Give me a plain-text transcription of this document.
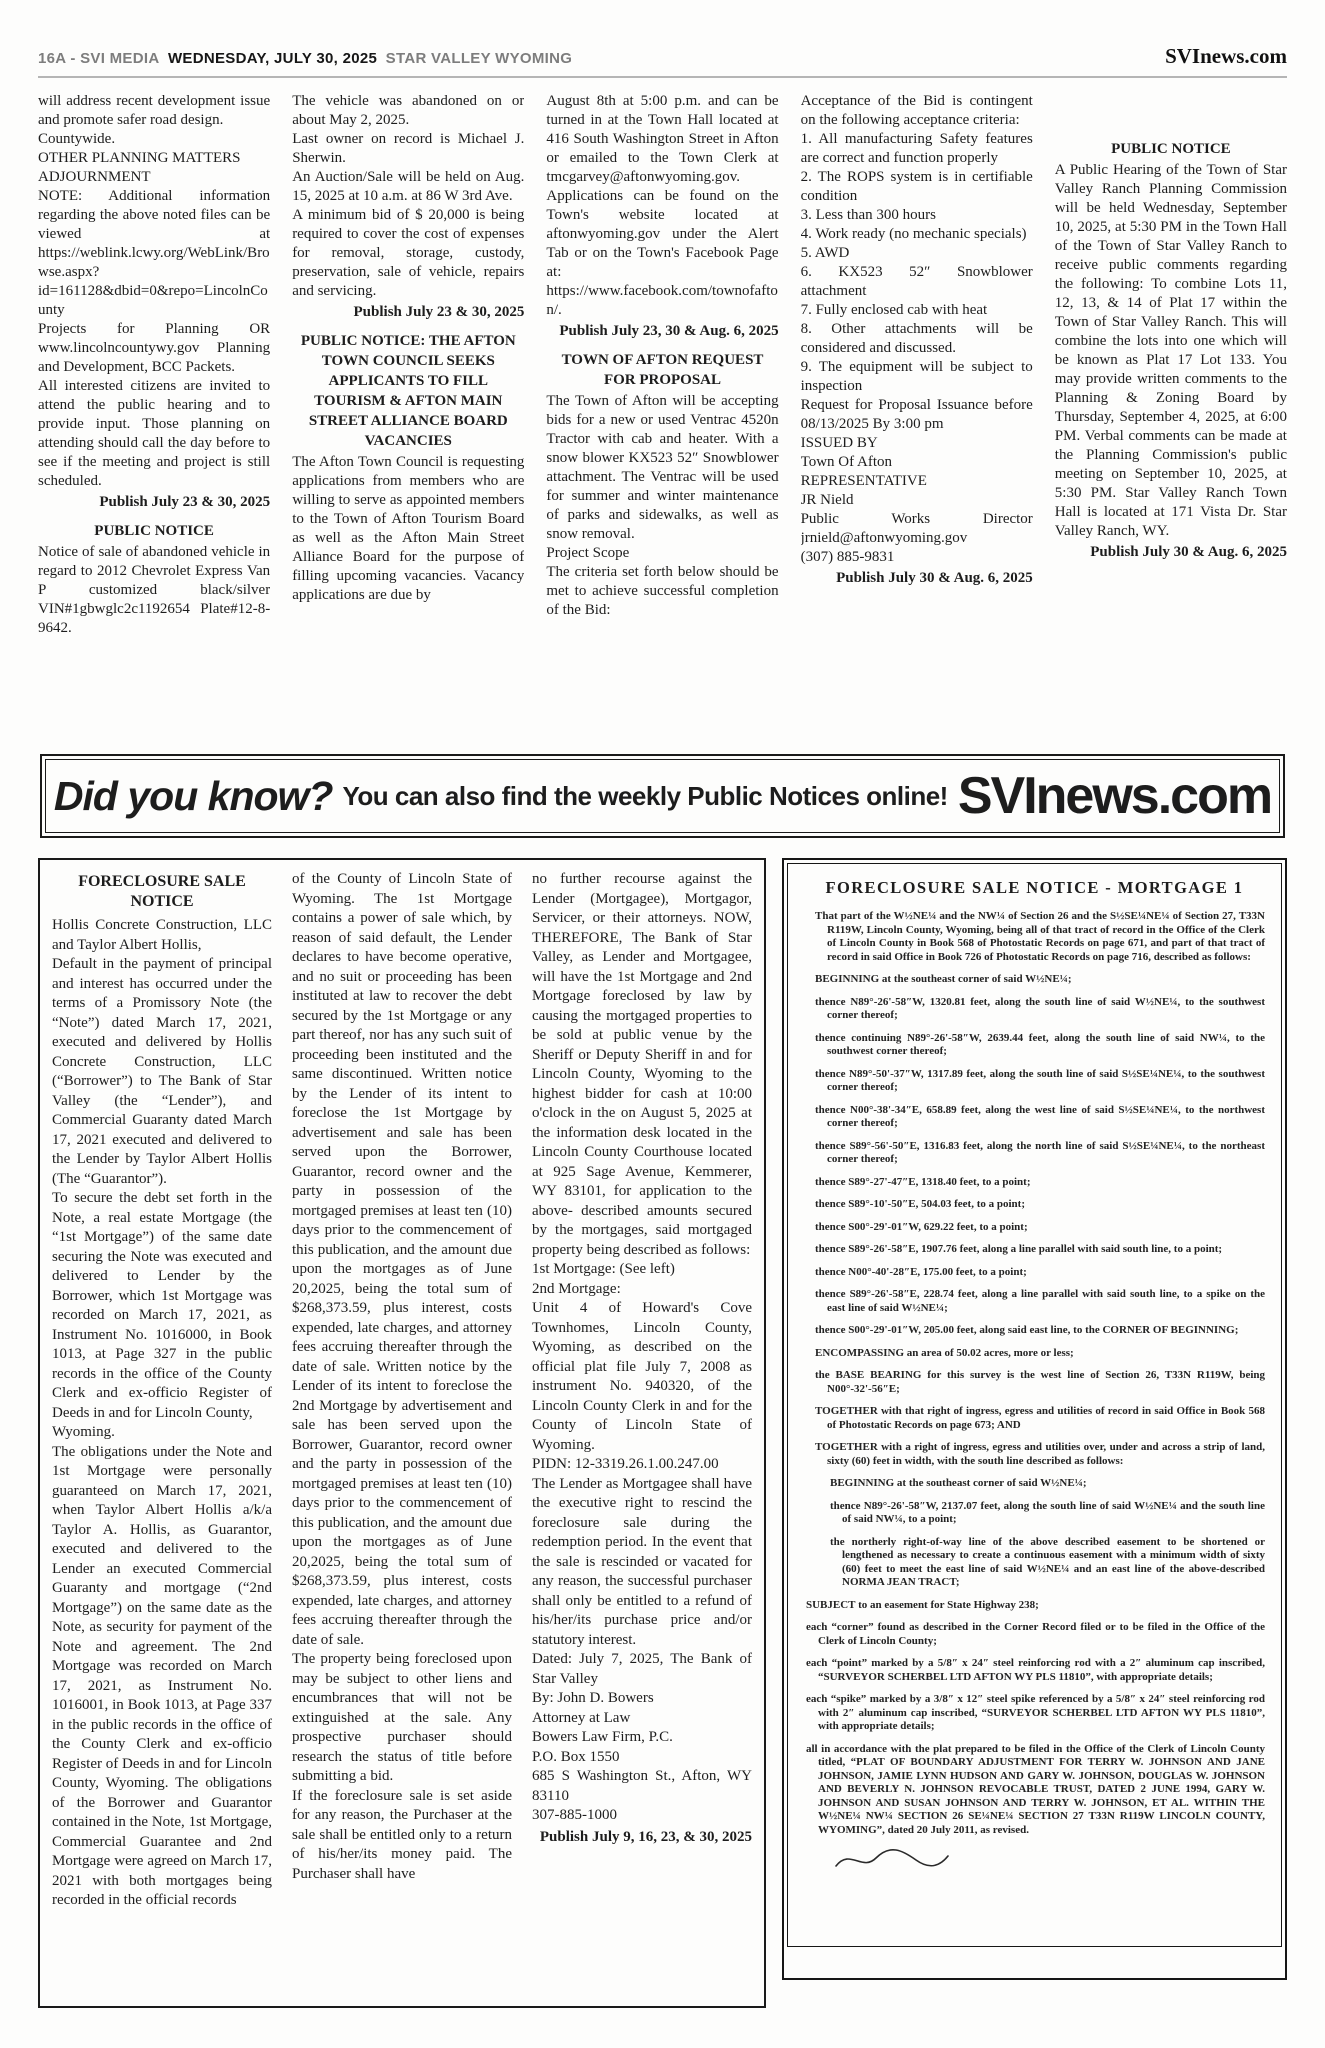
16A - SVI MEDIA WEDNESDAY, JULY 30, 2025 STAR VALLEY WYOMING	SVInews.com

will address recent development issue and promote safer road design.

Countywide.

OTHER PLANNING MATTERS

ADJOURNMENT

NOTE: Additional information regarding the above noted files can be viewed at https://weblink.lcwy.org/WebLink/Browse.aspx?id=161128&dbid=0&repo=LincolnCounty

Projects for Planning OR www.lincolncountywy.gov Planning and Development, BCC Packets.

All interested citizens are invited to attend the public hearing and to provide input. Those planning on attending should call the day before to see if the meeting and project is still scheduled.

Publish July 23 & 30, 2025

PUBLIC NOTICE

Notice of sale of abandoned vehicle in regard to 2012 Chevrolet Express Van P customized black/silver VIN#1gbwglc2c1192654 Plate#12-8-9642.

The vehicle was abandoned on or about May 2, 2025.

Last owner on record is Michael J. Sherwin.

An Auction/Sale will be held on Aug. 15, 2025 at 10 a.m. at 86 W 3rd Ave.

A minimum bid of $ 20,000 is being required to cover the cost of expenses for removal, storage, custody, preservation, sale of vehicle, repairs and servicing.

Publish July 23 & 30, 2025

PUBLIC NOTICE: THE AFTON TOWN COUNCIL SEEKS APPLICANTS TO FILL TOURISM & AFTON MAIN STREET ALLIANCE BOARD VACANCIES

The Afton Town Council is requesting applications from members who are willing to serve as appointed members to the Town of Afton Tourism Board as well as the Afton Main Street Alliance Board for the purpose of filling upcoming vacancies. Vacancy applications are due by

August 8th at 5:00 p.m. and can be turned in at the Town Hall located at 416 South Washington Street in Afton or emailed to the Town Clerk at tmcgarvey@aftonwyoming.gov. Applications can be found on the Town's website located at aftonwyoming.gov under the Alert Tab or on the Town's Facebook Page at: https://www.facebook.com/townofafton/.

Publish July 23, 30 & Aug. 6, 2025

TOWN OF AFTON REQUEST FOR PROPOSAL

The Town of Afton will be accepting bids for a new or used Ventrac 4520n Tractor with cab and heater. With a snow blower KX523 52″ Snowblower attachment. The Ventrac will be used for summer and winter maintenance of parks and sidewalks, as well as snow removal.

Project Scope

The criteria set forth below should be met to achieve successful completion of the Bid:

Acceptance of the Bid is contingent on the following acceptance criteria:

1. All manufacturing Safety features are correct and function properly

2. The ROPS system is in certifiable condition

3. Less than 300 hours

4. Work ready (no mechanic specials)

5. AWD

6. KX523 52″ Snowblower attachment

7. Fully enclosed cab with heat

8. Other attachments will be considered and discussed.

9. The equipment will be subject to inspection

Request for Proposal Issuance before 08/13/2025 By 3:00 pm

ISSUED BY

Town Of Afton

REPRESENTATIVE

JR Nield

Public Works Director jrnield@aftonwyoming.gov

(307) 885-9831

Publish July 30 & Aug. 6, 2025

PUBLIC NOTICE

A Public Hearing of the Town of Star Valley Ranch Planning Commission will be held Wednesday, September 10, 2025, at 5:30 PM in the Town Hall of the Town of Star Valley Ranch to receive public comments regarding the following: To combine Lots 11, 12, 13, & 14 of Plat 17 within the Town of Star Valley Ranch. This will combine the lots into one which will be known as Plat 17 Lot 133. You may provide written comments to the Planning & Zoning Board by Thursday, September 4, 2025, at 6:00 PM. Verbal comments can be made at the Planning Commission's public meeting on September 10, 2025, at 5:30 PM. Star Valley Ranch Town Hall is located at 171 Vista Dr. Star Valley Ranch, WY.

Publish July 30 & Aug. 6, 2025

Did you know? You can also find the weekly Public Notices online! SVInews.com

FORECLOSURE SALE NOTICE

Hollis Concrete Construction, LLC and Taylor Albert Hollis,

Default in the payment of principal and interest has occurred under the terms of a Promissory Note (the “Note”) dated March 17, 2021, executed and delivered by Hollis Concrete Construction, LLC (“Borrower”) to The Bank of Star Valley (the “Lender”), and Commercial Guaranty dated March 17, 2021 executed and delivered to the Lender by Taylor Albert Hollis (The “Guarantor”).

To secure the debt set forth in the Note, a real estate Mortgage (the “1st Mortgage”) of the same date securing the Note was executed and delivered to Lender by the Borrower, which 1st Mortgage was recorded on March 17, 2021, as Instrument No. 1016000, in Book 1013, at Page 327 in the public records in the office of the County Clerk and ex-officio Register of Deeds in and for Lincoln County,

Wyoming.

The obligations under the Note and 1st Mortgage were personally guaranteed on March 17, 2021, when Taylor Albert Hollis a/k/a Taylor A. Hollis, as Guarantor, executed and delivered to the Lender an executed Commercial Guaranty and mortgage (“2nd Mortgage”) on the same date as the Note, as security for payment of the Note and agreement. The 2nd Mortgage was recorded on March 17, 2021, as Instrument No. 1016001, in Book 1013, at Page 337 in the public records in the office of the County Clerk and ex-officio Register of Deeds in and for Lincoln County, Wyoming. The obligations of the Borrower and Guarantor contained in the Note, 1st Mortgage, Commercial Guarantee and 2nd Mortgage were agreed on March 17, 2021 with both mortgages being recorded in the official records

of the County of Lincoln State of Wyoming. The 1st Mortgage contains a power of sale which, by reason of said default, the Lender declares to have become operative, and no suit or proceeding has been instituted at law to recover the debt secured by the 1st Mortgage or any part thereof, nor has any such suit of proceeding been instituted and the same discontinued. Written notice by the Lender of its intent to foreclose the 1st Mortgage by advertisement and sale has been served upon the Borrower, Guarantor, record owner and the party in possession of the mortgaged premises at least ten (10) days prior to the commencement of this publication, and the amount due upon the mortgages as of June 20,2025, being the total sum of $268,373.59, plus interest, costs expended, late charges, and attorney fees accruing thereafter through the date of sale. Written notice by the Lender of its intent to foreclose the 2nd Mortgage by advertisement and sale has been served upon the Borrower, Guarantor, record owner and the party in possession of the mortgaged premises at least ten (10) days prior to the commencement of this publication, and the amount due upon the mortgages as of June 20,2025, being the total sum of $268,373.59, plus interest, costs expended, late charges, and attorney fees accruing thereafter through the date of sale.

The property being foreclosed upon may be subject to other liens and encumbrances that will not be extinguished at the sale. Any prospective purchaser should research the status of title before submitting a bid.

If the foreclosure sale is set aside for any reason, the Purchaser at the sale shall be entitled only to a return of his/her/its money paid. The Purchaser shall have

no further recourse against the Lender (Mortgagee), Mortgagor, Servicer, or their attorneys. NOW, THEREFORE, The Bank of Star Valley, as Lender and Mortgagee, will have the 1st Mortgage and 2nd Mortgage foreclosed by law by causing the mortgaged properties to be sold at public venue by the Sheriff or Deputy Sheriff in and for Lincoln County, Wyoming to the highest bidder for cash at 10:00 o'clock in the on August 5, 2025 at the information desk located in the Lincoln County Courthouse located at 925 Sage Avenue, Kemmerer, WY 83101, for application to the above- described amounts secured by the mortgages, said mortgaged property being described as follows:

1st Mortgage: (See left)

2nd Mortgage:

Unit 4 of Howard's Cove Townhomes, Lincoln County, Wyoming, as described on the official plat file July 7, 2008 as instrument No. 940320, of the Lincoln County Clerk in and for the County of Lincoln State of Wyoming.

PIDN: 12-3319.26.1.00.247.00

The Lender as Mortgagee shall have the executive right to rescind the foreclosure sale during the redemption period. In the event that the sale is rescinded or vacated for any reason, the successful purchaser shall only be entitled to a refund of his/her/its purchase price and/or statutory interest.

Dated: July 7, 2025, The Bank of Star Valley

By: John D. Bowers

Attorney at Law

Bowers Law Firm, P.C.

P.O. Box 1550

685 S Washington St., Afton, WY 83110

307-885-1000

Publish July 9, 16, 23, & 30, 2025

FORECLOSURE SALE NOTICE - MORTGAGE 1

That part of the W½NE¼ and the NW¼ of Section 26 and the S½SE¼NE¼ of Section 27, T33N R119W, Lincoln County, Wyoming, being all of that tract of record in the Office of the Clerk of Lincoln County in Book 568 of Photostatic Records on page 671, and part of that tract of record in said Office in Book 726 of Photostatic Records on page 716, described as follows:

BEGINNING at the southeast corner of said W½NE¼;

thence N89°-26'-58″W, 1320.81 feet, along the south line of said W½NE¼, to the southwest corner thereof;

thence continuing N89°-26'-58″W, 2639.44 feet, along the south line of said NW¼, to the southwest corner thereof;

thence N89°-50'-37″W, 1317.89 feet, along the south line of said S½SE¼NE¼, to the southwest corner thereof;

thence N00°-38'-34″E, 658.89 feet, along the west line of said S½SE¼NE¼, to the northwest corner thereof;

thence S89°-56'-50″E, 1316.83 feet, along the north line of said S½SE¼NE¼, to the northeast corner thereof;

thence S89°-27'-47″E, 1318.40 feet, to a point;

thence S89°-10'-50″E, 504.03 feet, to a point;

thence S00°-29'-01″W, 629.22 feet, to a point;

thence S89°-26'-58″E, 1907.76 feet, along a line parallel with said south line, to a point;

thence N00°-40'-28″E, 175.00 feet, to a point;

thence S89°-26'-58″E, 228.74 feet, along a line parallel with said south line, to a spike on the east line of said W½NE¼;

thence S00°-29'-01″W, 205.00 feet, along said east line, to the CORNER OF BEGINNING;

ENCOMPASSING an area of 50.02 acres, more or less;

the BASE BEARING for this survey is the west line of Section 26, T33N R119W, being N00°-32'-56″E;

TOGETHER with that right of ingress, egress and utilities of record in said Office in Book 568 of Photostatic Records on page 673; AND

TOGETHER with a right of ingress, egress and utilities over, under and across a strip of land, sixty (60) feet in width, with the south line described as follows:

BEGINNING at the southeast corner of said W½NE¼;

thence N89°-26'-58″W, 2137.07 feet, along the south line of said W½NE¼ and the south line of said NW¼, to a point;

the northerly right-of-way line of the above described easement to be shortened or lengthened as necessary to create a continuous easement with a minimum width of sixty (60) feet to meet the east line of said W½NE¼ and an east line of the above-described NORMA JEAN TRACT;

SUBJECT to an easement for State Highway 238;

each “corner” found as described in the Corner Record filed or to be filed in the Office of the Clerk of Lincoln County;

each “point” marked by a 5/8″ x 24″ steel reinforcing rod with a 2″ aluminum cap inscribed, “SURVEYOR SCHERBEL LTD AFTON WY PLS 11810”, with appropriate details;

each “spike” marked by a 3/8″ x 12″ steel spike referenced by a 5/8″ x 24″ steel reinforcing rod with 2″ aluminum cap inscribed, “SURVEYOR SCHERBEL LTD AFTON WY PLS 11810”, with appropriate details;

all in accordance with the plat prepared to be filed in the Office of the Clerk of Lincoln County titled, “PLAT OF BOUNDARY ADJUSTMENT FOR TERRY W. JOHNSON AND JANE JOHNSON, JAMIE LYNN HUDSON AND GARY W. JOHNSON, DOUGLAS W. JOHNSON AND BEVERLY N. JOHNSON REVOCABLE TRUST, DATED 2 JUNE 1994, GARY W. JOHNSON AND SUSAN JOHNSON AND TERRY W. JOHNSON, ET AL. WITHIN THE W½NE¼ NW¼ SECTION 26 SE¼NE¼ SECTION 27 T33N R119W LINCOLN COUNTY, WYOMING”, dated 20 July 2011, as revised.
